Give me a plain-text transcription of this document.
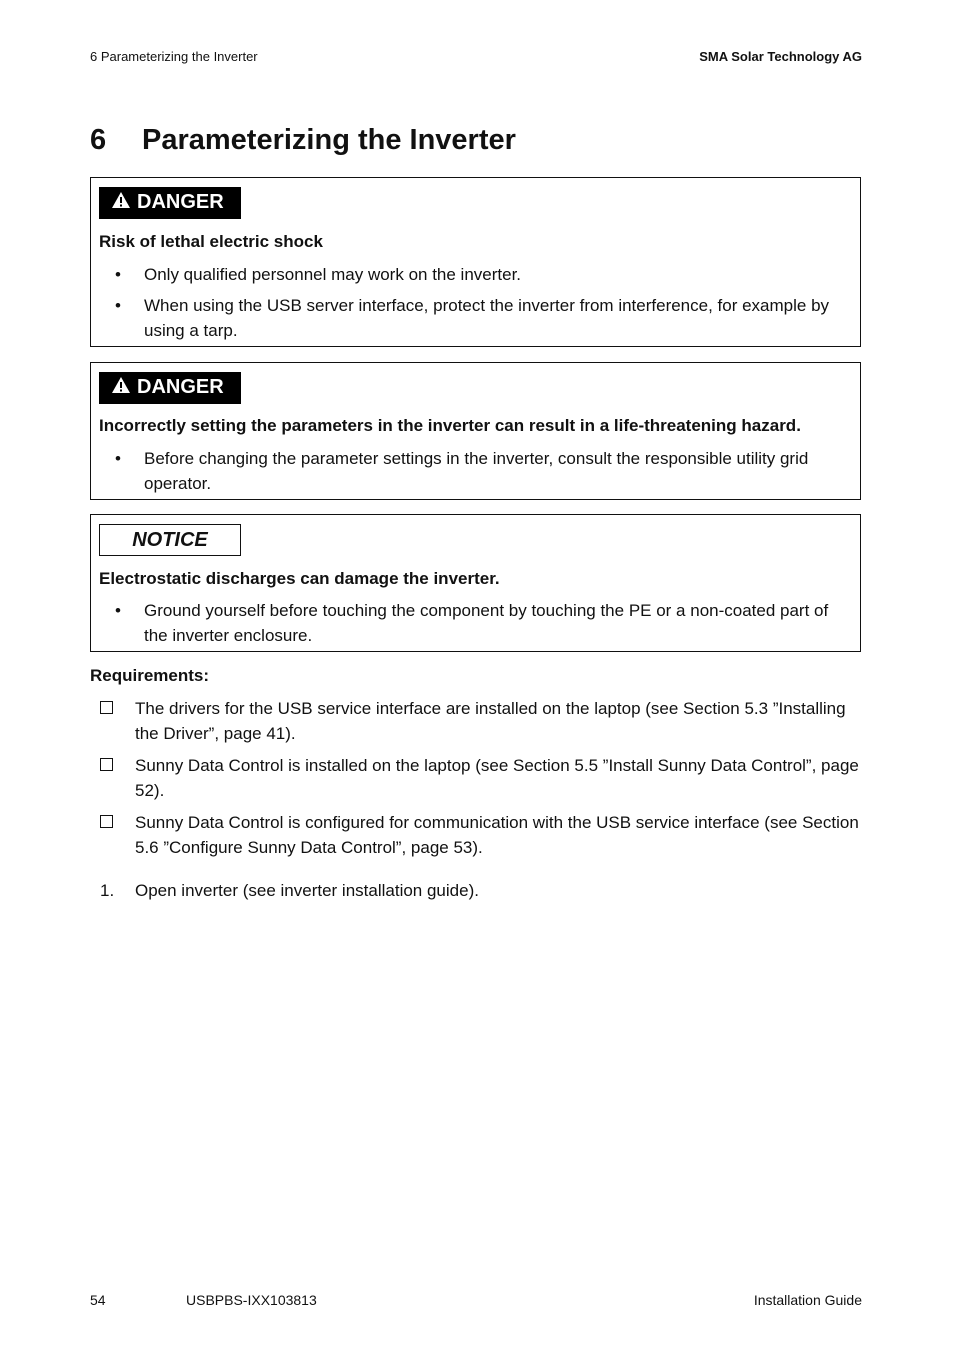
6 Parameterizing the Inverter	SMA Solar Technology AG
6 Parameterizing the Inverter
DANGER
Risk of lethal electric shock
• Only qualified personnel may work on the inverter.
• When using the USB server interface, protect the inverter from interference, for example by using a tarp.
DANGER
Incorrectly setting the parameters in the inverter can result in a life-threatening hazard.
• Before changing the parameter settings in the inverter, consult the responsible utility grid operator.
NOTICE
Electrostatic discharges can damage the inverter.
• Ground yourself before touching the component by touching the PE or a non-coated part of the inverter enclosure.
Requirements:
The drivers for the USB service interface are installed on the laptop (see Section 5.3 ”Installing the Driver”, page 41).
Sunny Data Control is installed on the laptop (see Section 5.5 ”Install Sunny Data Control”, page 52).
Sunny Data Control is configured for communication with the USB service interface (see Section 5.6 ”Configure Sunny Data Control”, page 53).
1. Open inverter (see inverter installation guide).
54	USBPBS-IXX103813	Installation Guide
